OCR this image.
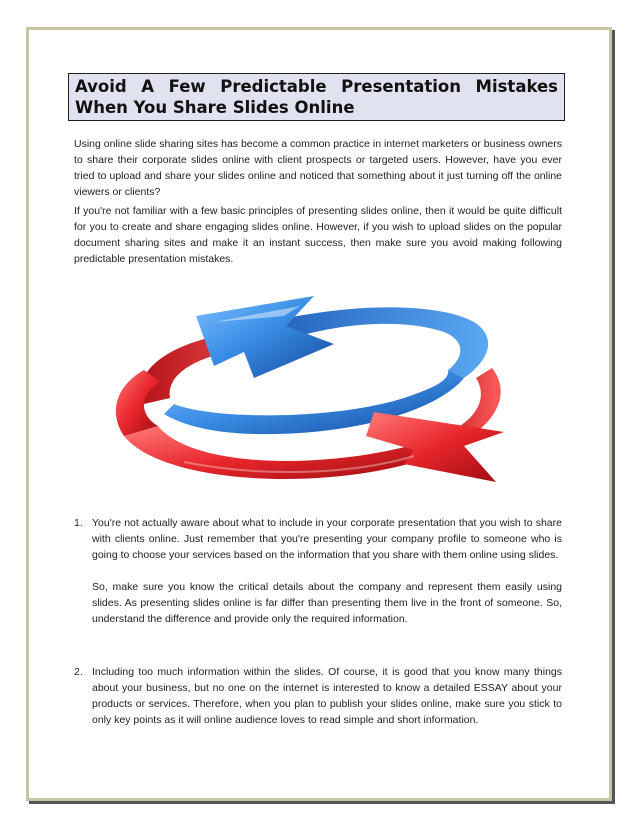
Avoid A Few Predictable Presentation Mistakes
When You Share Slides Online

Using online slide sharing sites has become a common practice in internet marketers or business owners to share their corporate slides online with client prospects or targeted users. However, have you ever tried to upload and share your slides online and noticed that something about it just turning off the online viewers or clients?

If you're not familiar with a few basic principles of presenting slides online, then it would be quite difficult for you to create and share engaging slides online. However, if you wish to upload slides on the popular document sharing sites and make it an instant success, then make sure you avoid making following predictable presentation mistakes.

1. You're not actually aware about what to include in your corporate presentation that you wish to share with clients online. Just remember that you're presenting your company profile to someone who is going to choose your services based on the information that you share with them online using slides.

So, make sure you know the critical details about the company and represent them easily using slides. As presenting slides online is far differ than presenting them live in the front of someone. So, understand the difference and provide only the required information.

2. Including too much information within the slides. Of course, it is good that you know many things about your business, but no one on the internet is interested to know a detailed ESSAY about your products or services. Therefore, when you plan to publish your slides online, make sure you stick to only key points as it will online audience loves to read simple and short information.
